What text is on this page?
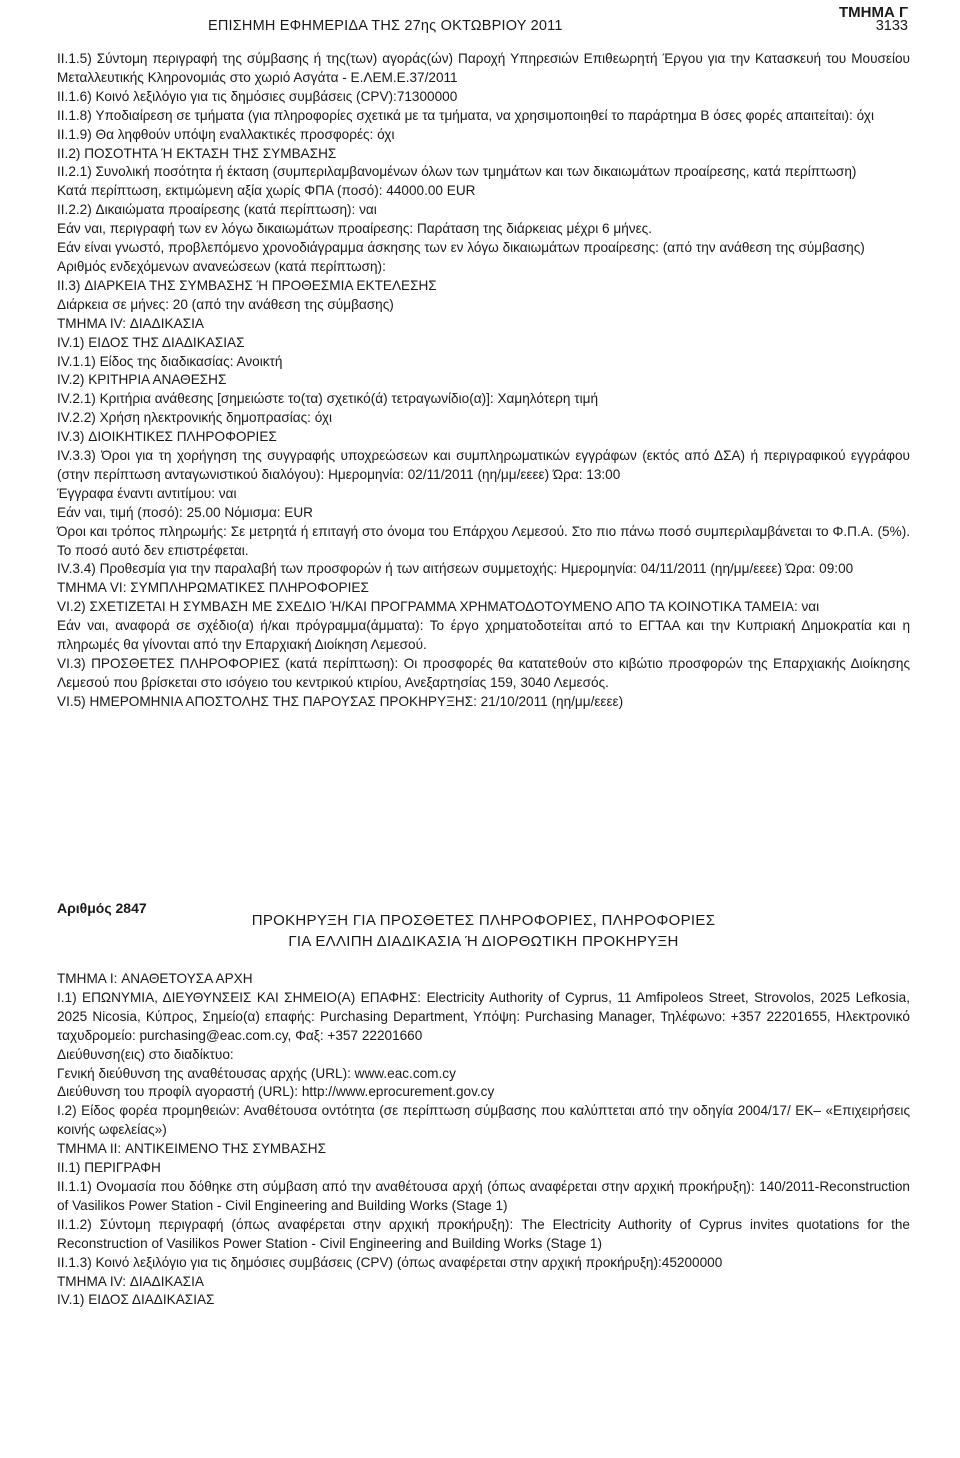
ΕΠΙΣΗΜΗ ΕΦΗΜΕΡΙΔΑ ΤΗΣ 27ης ΟΚΤΩΒΡΙΟΥ 2011
ΤΜΗΜΑ Γ
3133

II.1.5) Σύντομη περιγραφή της σύμβασης ή της(των) αγοράς(ών) Παροχή Υπηρεσιών Επιθεωρητή Έργου για την Κατασκευή του Μουσείου Μεταλλευτικής Κληρονομιάς στο χωριό Ασγάτα - Ε.ΛΕΜ.Ε.37/2011

II.1.6) Κοινό λεξιλόγιο για τις δημόσιες συμβάσεις (CPV):71300000

II.1.8) Υποδιαίρεση σε τμήματα (για πληροφορίες σχετικά με τα τμήματα, να χρησιμοποιηθεί το παράρτημα Β όσες φορές απαιτείται): όχι

II.1.9) Θα ληφθούν υπόψη εναλλακτικές προσφορές: όχι

II.2) ΠΟΣΟΤΗΤΑ Ή ΕΚΤΑΣΗ ΤΗΣ ΣΥΜΒΑΣΗΣ

II.2.1) Συνολική ποσότητα ή έκταση (συμπεριλαμβανομένων όλων των τμημάτων και των δικαιωμάτων προαίρεσης, κατά περίπτωση)

Κατά περίπτωση, εκτιμώμενη αξία χωρίς ΦΠΑ (ποσό): 44000.00 EUR

II.2.2) Δικαιώματα προαίρεσης (κατά περίπτωση): ναι

Εάν ναι, περιγραφή των εν λόγω δικαιωμάτων προαίρεσης: Παράταση της διάρκειας μέχρι 6 μήνες.

Εάν είναι γνωστό, προβλεπόμενο χρονοδιάγραμμα άσκησης των εν λόγω δικαιωμάτων προαίρεσης: (από την ανάθεση της σύμβασης)

Αριθμός ενδεχόμενων ανανεώσεων (κατά περίπτωση):

II.3) ΔΙΑΡΚΕΙΑ ΤΗΣ ΣΥΜΒΑΣΗΣ Ή ΠΡΟΘΕΣΜΙΑ ΕΚΤΕΛΕΣΗΣ

Διάρκεια σε μήνες: 20 (από την ανάθεση της σύμβασης)

ΤΜΗΜΑ IV: ΔΙΑΔΙΚΑΣΙΑ

IV.1) ΕΙΔΟΣ ΤΗΣ ΔΙΑΔΙΚΑΣΙΑΣ

IV.1.1) Είδος της διαδικασίας: Ανοικτή

IV.2) ΚΡΙΤΗΡΙΑ ΑΝΑΘΕΣΗΣ

IV.2.1) Κριτήρια ανάθεσης [σημειώστε το(τα) σχετικό(ά) τετραγωνίδιο(α)]: Χαμηλότερη τιμή

IV.2.2) Χρήση ηλεκτρονικής δημοπρασίας: όχι

IV.3) ΔΙΟΙΚΗΤΙΚΕΣ ΠΛΗΡΟΦΟΡΙΕΣ

IV.3.3) Όροι για τη χορήγηση της συγγραφής υποχρεώσεων και συμπληρωματικών εγγράφων (εκτός από ΔΣΑ) ή περιγραφικού εγγράφου (στην περίπτωση ανταγωνιστικού διαλόγου): Ημερομηνία: 02/11/2011 (ηη/μμ/εεεε) Ώρα: 13:00

Έγγραφα έναντι αντιτίμου: ναι

Εάν ναι, τιμή (ποσό): 25.00 Νόμισμα: EUR

Όροι και τρόπος πληρωμής: Σε μετρητά ή επιταγή στο όνομα του Επάρχου Λεμεσού. Στο πιο πάνω ποσό συμπεριλαμβάνεται το Φ.Π.Α. (5%). Το ποσό αυτό δεν επιστρέφεται.

IV.3.4) Προθεσμία για την παραλαβή των προσφορών ή των αιτήσεων συμμετοχής: Ημερομηνία: 04/11/2011 (ηη/μμ/εεεε) Ώρα: 09:00

ΤΜΗΜΑ VI: ΣΥΜΠΛΗΡΩΜΑΤΙΚΕΣ ΠΛΗΡΟΦΟΡΙΕΣ

VI.2) ΣΧΕΤΙΖΕΤΑΙ Η ΣΥΜΒΑΣΗ ΜΕ ΣΧΕΔΙΟ Ή/ΚΑΙ ΠΡΟΓΡΑΜΜΑ ΧΡΗΜΑΤΟΔΟΤΟΥΜΕΝΟ ΑΠΟ ΤΑ ΚΟΙΝΟΤΙΚΑ ΤΑΜΕΙΑ: ναι

Εάν ναι, αναφορά σε σχέδιο(α) ή/και πρόγραμμα(άμματα): Το έργο χρηματοδοτείται από το ΕΓΤΑΑ και την Κυπριακή Δημοκρατία και η πληρωμές θα γίνονται από την Επαρχιακή Διοίκηση Λεμεσού.

VI.3) ΠΡΟΣΘΕΤΕΣ ΠΛΗΡΟΦΟΡΙΕΣ (κατά περίπτωση): Οι προσφορές θα κατατεθούν στο κιβώτιο προσφορών της Επαρχιακής Διοίκησης Λεμεσού που βρίσκεται στο ισόγειο του κεντρικού κτιρίου, Ανεξαρτησίας 159, 3040 Λεμεσός.

VI.5) ΗΜΕΡΟΜΗΝΙΑ ΑΠΟΣΤΟΛΗΣ ΤΗΣ ΠΑΡΟΥΣΑΣ ΠΡΟΚΗΡΥΞΗΣ: 21/10/2011 (ηη/μμ/εεεε)

Αριθμός 2847
ΠΡΟΚΗΡΥΞΗ ΓΙΑ ΠΡΟΣΘΕΤΕΣ ΠΛΗΡΟΦΟΡΙΕΣ, ΠΛΗΡΟΦΟΡΙΕΣ
ΓΙΑ ΕΛΛΙΠΗ ΔΙΑΔΙΚΑΣΙΑ Ή ΔΙΟΡΘΩΤΙΚΗ ΠΡΟΚΗΡΥΞΗ

ΤΜΗΜΑ I: ΑΝΑΘΕΤΟΥΣΑ ΑΡΧΗ

I.1) ΕΠΩΝΥΜΙΑ, ΔΙΕΥΘΥΝΣΕΙΣ ΚΑΙ ΣΗΜΕΙΟ(Α) ΕΠΑΦΗΣ: Electricity Authority of Cyprus, 11 Amfipoleos Street, Strovolos, 2025 Lefkosia, 2025 Nicosia, Κύπρος, Σημείο(α) επαφής: Purchasing Department, Υπόψη: Purchasing Manager, Τηλέφωνο: +357 22201655, Ηλεκτρονικό ταχυδρομείο: purchasing@eac.com.cy, Φαξ: +357 22201660

Διεύθυνση(εις) στο διαδίκτυο:

Γενική διεύθυνση της αναθέτουσας αρχής (URL): www.eac.com.cy

Διεύθυνση του προφίλ αγοραστή (URL): http://www.eprocurement.gov.cy

I.2) Είδος φορέα προμηθειών: Αναθέτουσα οντότητα (σε περίπτωση σύμβασης που καλύπτεται από την οδηγία 2004/17/ ΕΚ– «Επιχειρήσεις κοινής ωφελείας»)

ΤΜΗΜΑ II: ΑΝΤΙΚΕΙΜΕΝΟ ΤΗΣ ΣΥΜΒΑΣΗΣ

II.1) ΠΕΡΙΓΡΑΦΗ

II.1.1) Ονομασία που δόθηκε στη σύμβαση από την αναθέτουσα αρχή (όπως αναφέρεται στην αρχική προκήρυξη): 140/2011-Reconstruction of Vasilikos Power Station - Civil Engineering and Building Works (Stage 1)

II.1.2) Σύντομη περιγραφή (όπως αναφέρεται στην αρχική προκήρυξη): The Electricity Authority of Cyprus invites quotations for the Reconstruction of Vasilikos Power Station - Civil Engineering and Building Works (Stage 1)

II.1.3) Κοινό λεξιλόγιο για τις δημόσιες συμβάσεις (CPV) (όπως αναφέρεται στην αρχική προκήρυξη):45200000

ΤΜΗΜΑ IV: ΔΙΑΔΙΚΑΣΙΑ

IV.1) ΕΙΔΟΣ ΔΙΑΔΙΚΑΣΙΑΣ
